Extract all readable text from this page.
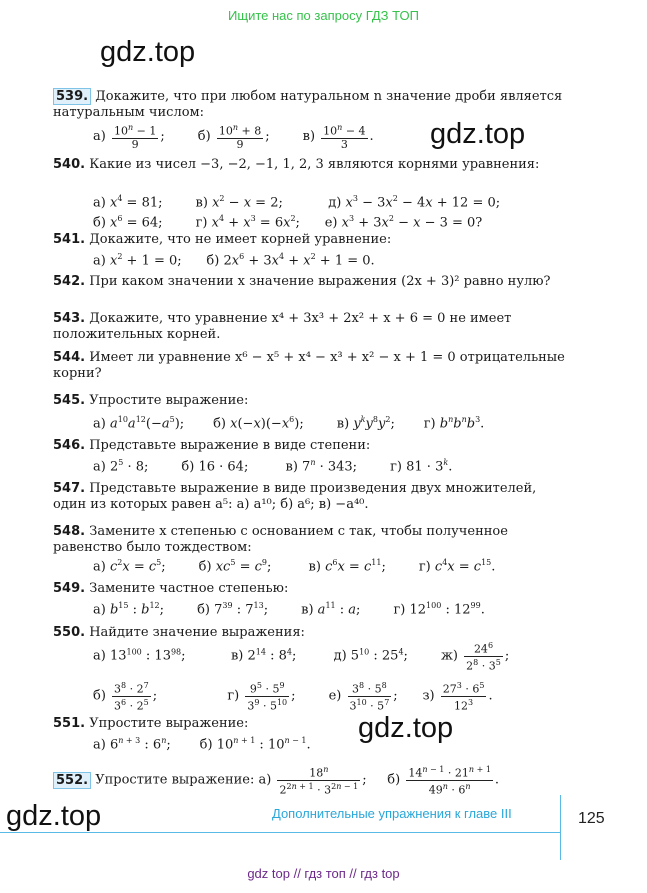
Ищите нас по запросу ГДЗ ТОП
gdz.top
gdz.top
gdz.top
gdz.top
539. Докажите, что при любом натуральном n значение дроби является натуральным числом:
$а) \frac{10^n - 1}{9}$ ;        $б) \frac{10^n + 8}{9}$ ;        $в) \frac{10^n - 4}{3}$ .
540. Какие из чисел −3, −2, −1, 1, 2, 3 являются корнями уравнения:
а) $x^4 = 81$;        в) $x^2 - x = 2$;           д) $x^3 - 3x^2 - 4x + 12 = 0$;
б) $x^6 = 64$;        г) $x^4 + x^3 = 6x^2$;      е) $x^3 + 3x^2 - x - 3 = 0$?
541. Докажите, что не имеет корней уравнение:
а) $x^2 + 1 = 0$;      б) $2x^6 + 3x^4 + x^2 + 1 = 0$.
542. При каком значении x значение выражения (2x + 3)² равно нулю?
543. Докажите, что уравнение x⁴ + 3x³ + 2x² + x + 6 = 0 не имеет положительных корней.
544. Имеет ли уравнение x⁶ − x⁵ + x⁴ − x³ + x² − x + 1 = 0 отрицательные корни?
545. Упростите выражение:
а) $a^{10}a^{12}(-a^5)$;       б) $x(-x)(-x^6)$;        в) $y^ky^8y^2$;       г) $b^nb^nb^3$.
546. Представьте выражение в виде степени:
а) $2^5 \cdot 8$;        б) 16 · 64;         в) $7^n \cdot 343$;        г) $81 \cdot 3^k$.
547. Представьте выражение в виде произведения двух множителей, один из которых равен a⁵: а) a¹⁰; б) a⁶; в) −a⁴⁰.
548. Замените x степенью с основанием c так, чтобы полученное равенство было тождеством:
а) $c^2x = c^5$;        б) $xc^5 = c^9$;         в) $c^6x = c^{11}$;        г) $c^4x = c^{15}$.
549. Замените частное степенью:
а) $b^{15}$ : $b^{12}$;        б) $7^{39}$ : $7^{13}$;        в) $a^{11}$ : a;        г) $12^{100}$ : $12^{99}$.
550. Найдите значение выражения:
а) $13^{100}$ : $13^{98}$;           в) $2^{14}$ : $8^4$;         д) $5^{10}$ : $25^4$;        $ж) \frac{24^6}{2^8 \cdot 3^5}$ ;
$б) \frac{3^8 \cdot 2^7}{3^6 \cdot 2^5}$ ;                 $г) \frac{9^5 \cdot 5^9}{3^9 \cdot 5^{10}}$ ;        $е) \frac{3^8 \cdot 5^8}{3^{10} \cdot 5^7}$ ;      $з) \frac{27^3 \cdot 6^5}{12^3}$ .
551. Упростите выражение:
а) $6^{n + 3}$ : 6$^n$;       б) $10^{n + 1}$ : $10^{n - 1}$.
552. Упростите выражение: $а) \frac{18^n}{2^{2n + 1} \cdot 3^{2n - 1}}$ ;     $б) \frac{14^{n - 1} \cdot 21^{n + 1}}{49^n \cdot 6^n}$ .
Дополнительные упражнения к главе III	125
gdz top // гдз топ // гдз top
